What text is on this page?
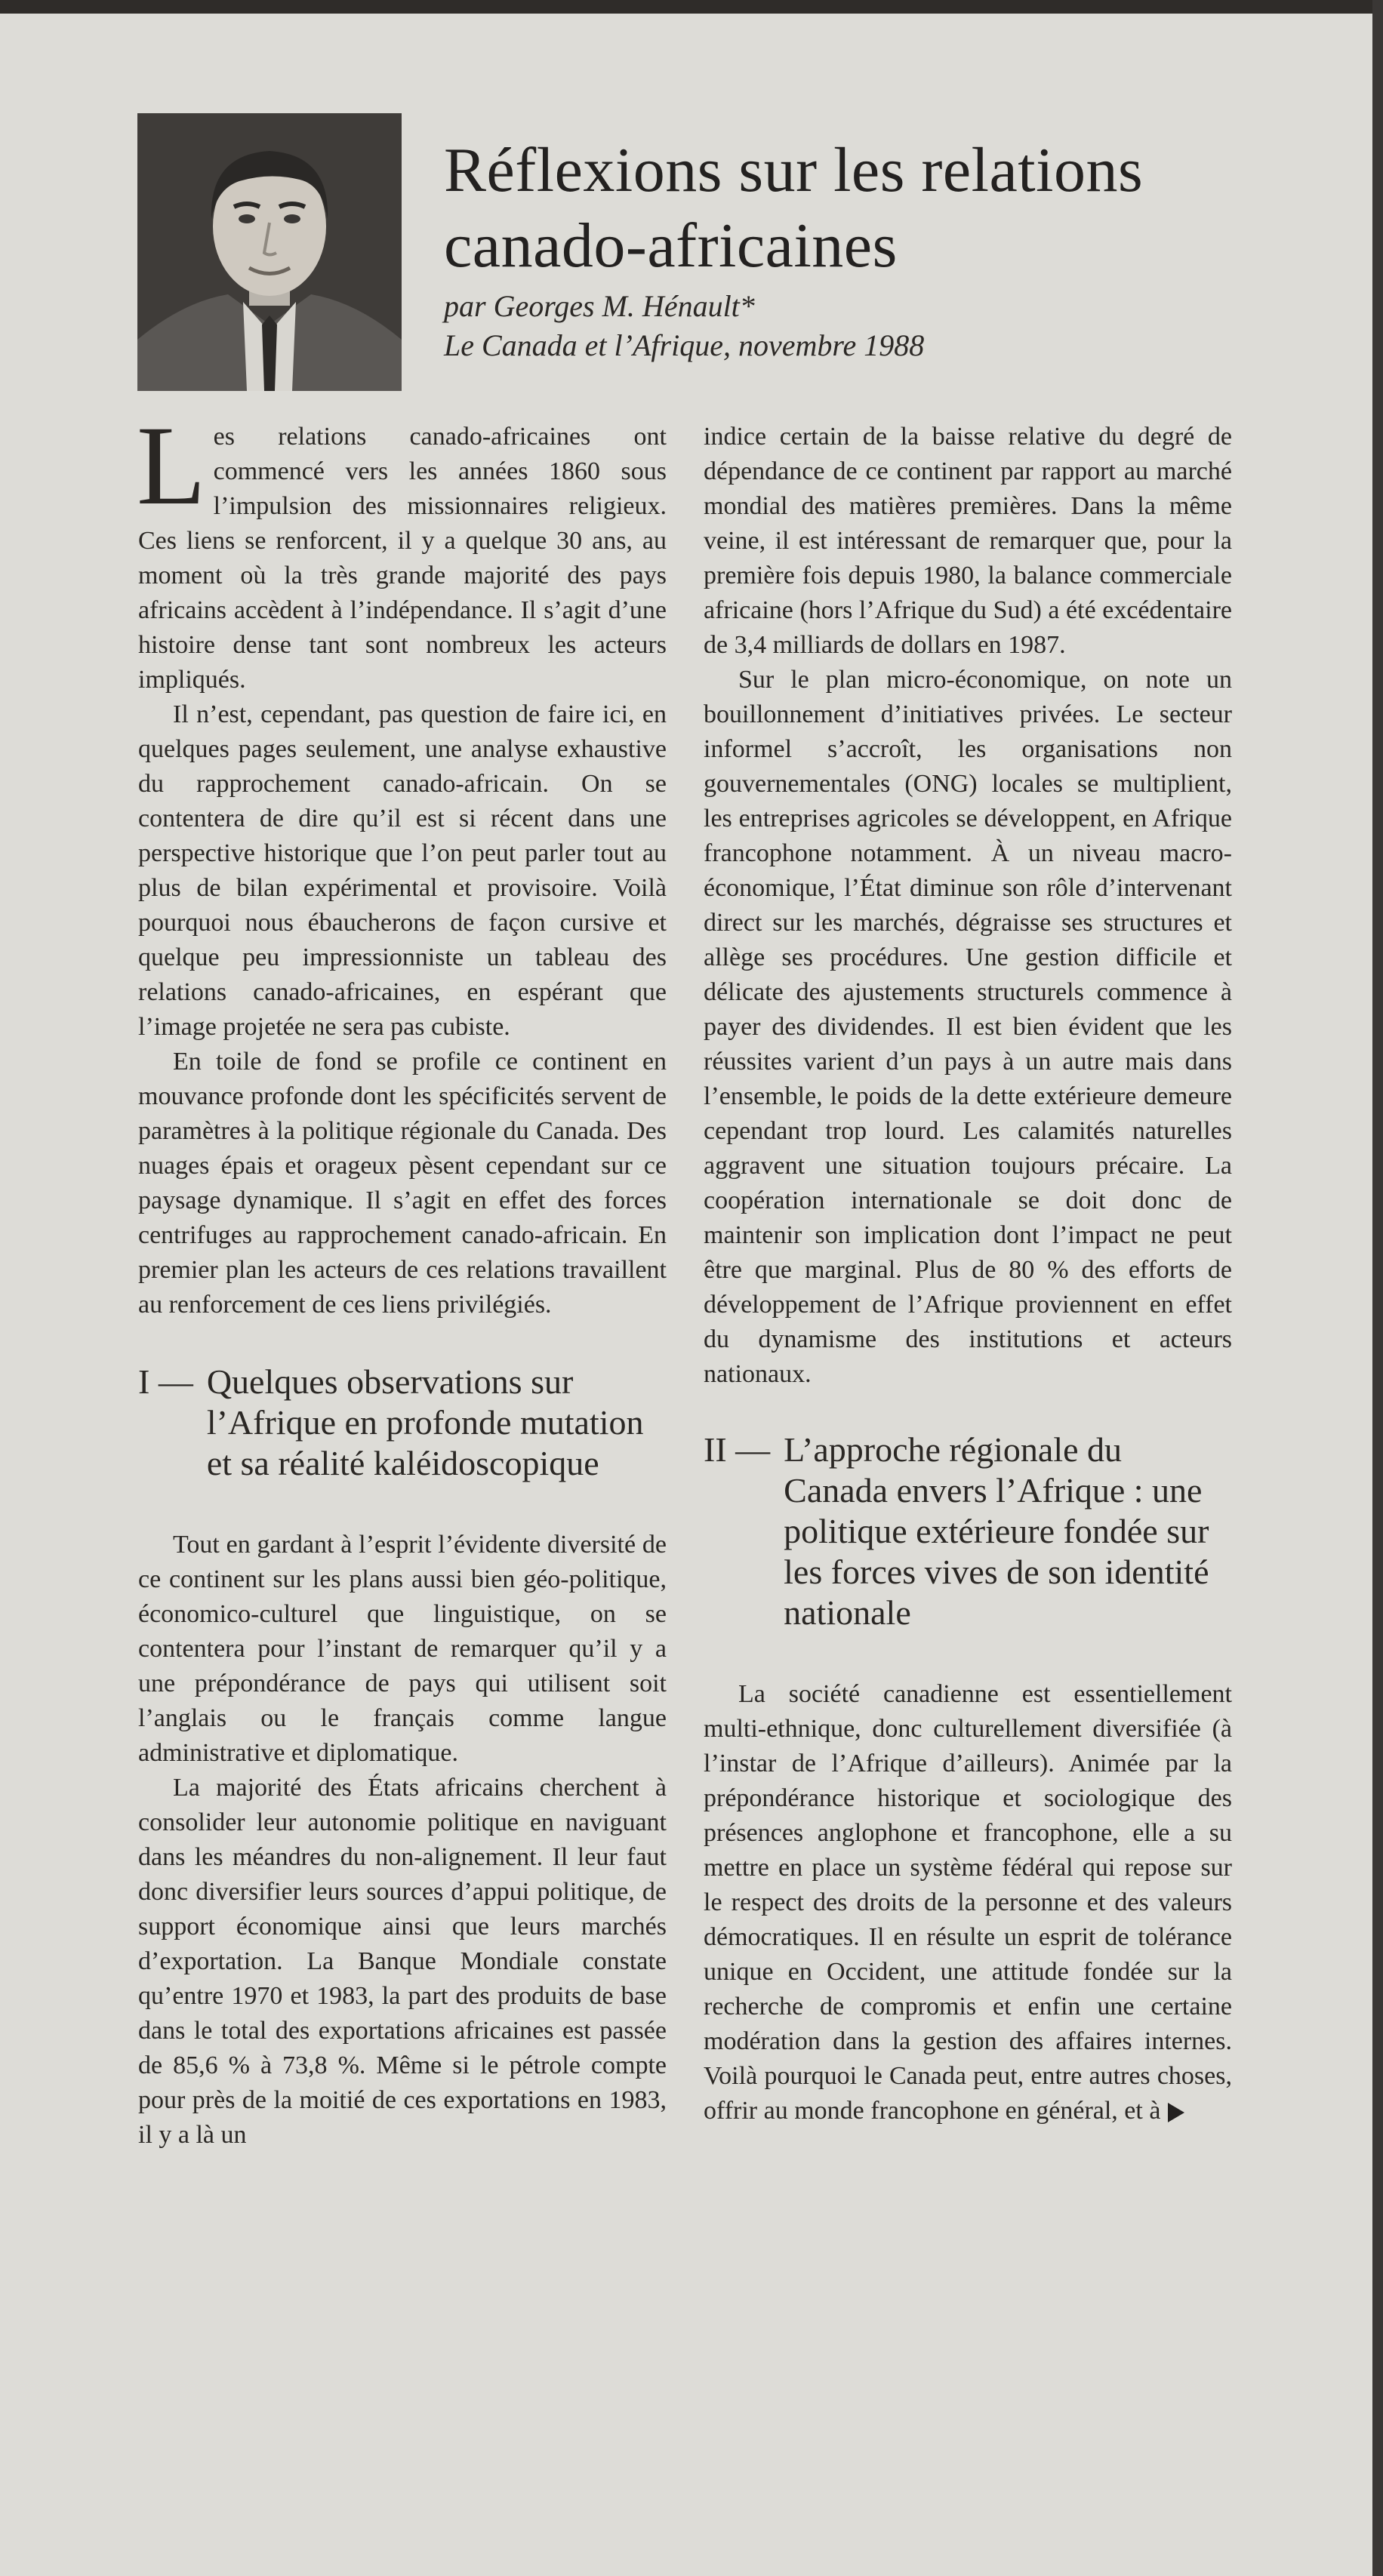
Réflexions sur les relations
canado-africaines
par Georges M. Hénault*
Le Canada et l’Afrique, novembre 1988

Les relations canado-africaines ont commencé vers les années 1860 sous l’impulsion des missionnaires religieux. Ces liens se renforcent, il y a quelque 30 ans, au moment où la très grande majorité des pays africains accèdent à l’indépendance. Il s’agit d’une histoire dense tant sont nombreux les acteurs impliqués.

Il n’est, cependant, pas question de faire ici, en quelques pages seulement, une analyse exhaustive du rapprochement canado-africain. On se contentera de dire qu’il est si récent dans une perspective historique que l’on peut parler tout au plus de bilan expérimental et provisoire. Voilà pourquoi nous ébaucherons de façon cursive et quelque peu impressionniste un tableau des relations canado-africaines, en espérant que l’image projetée ne sera pas cubiste.

En toile de fond se profile ce continent en mouvance profonde dont les spécificités servent de paramètres à la politique régionale du Canada. Des nuages épais et orageux pèsent cependant sur ce paysage dynamique. Il s’agit en effet des forces centrifuges au rapprochement canado-africain. En premier plan les acteurs de ces relations travaillent au renforcement de ces liens privilégiés.

I — Quelques observations sur l’Afrique en profonde mutation et sa réalité kaléidoscopique

Tout en gardant à l’esprit l’évidente diversité de ce continent sur les plans aussi bien géo-politique, économico-culturel que linguistique, on se contentera pour l’instant de remarquer qu’il y a une prépondérance de pays qui utilisent soit l’anglais ou le français comme langue administrative et diplomatique.

La majorité des États africains cherchent à consolider leur autonomie politique en naviguant dans les méandres du non-alignement. Il leur faut donc diversifier leurs sources d’appui politique, de support économique ainsi que leurs marchés d’exportation. La Banque Mondiale constate qu’entre 1970 et 1983, la part des produits de base dans le total des exportations africaines est passée de 85,6 % à 73,8 %. Même si le pétrole compte pour près de la moitié de ces exportations en 1983, il y a là un

indice certain de la baisse relative du degré de dépendance de ce continent par rapport au marché mondial des matières premières. Dans la même veine, il est intéressant de remarquer que, pour la première fois depuis 1980, la balance commerciale africaine (hors l’Afrique du Sud) a été excédentaire de 3,4 milliards de dollars en 1987.

Sur le plan micro-économique, on note un bouillonnement d’initiatives privées. Le secteur informel s’accroît, les organisations non gouvernementales (ONG) locales se multiplient, les entreprises agricoles se développent, en Afrique francophone notamment. À un niveau macro-économique, l’État diminue son rôle d’intervenant direct sur les marchés, dégraisse ses structures et allège ses procédures. Une gestion difficile et délicate des ajustements structurels commence à payer des dividendes. Il est bien évident que les réussites varient d’un pays à un autre mais dans l’ensemble, le poids de la dette extérieure demeure cependant trop lourd. Les calamités naturelles aggravent une situation toujours précaire. La coopération internationale se doit donc de maintenir son implication dont l’impact ne peut être que marginal. Plus de 80 % des efforts de développement de l’Afrique proviennent en effet du dynamisme des institutions et acteurs nationaux.

II — L’approche régionale du Canada envers l’Afrique : une politique extérieure fondée sur les forces vives de son identité nationale

La société canadienne est essentiellement multi-ethnique, donc culturellement diversifiée (à l’instar de l’Afrique d’ailleurs). Animée par la prépondérance historique et sociologique des présences anglophone et francophone, elle a su mettre en place un système fédéral qui repose sur le respect des droits de la personne et des valeurs démocratiques. Il en résulte un esprit de tolérance unique en Occident, une attitude fondée sur la recherche de compromis et enfin une certaine modération dans la gestion des affaires internes. Voilà pourquoi le Canada peut, entre autres choses, offrir au monde francophone en général, et à
